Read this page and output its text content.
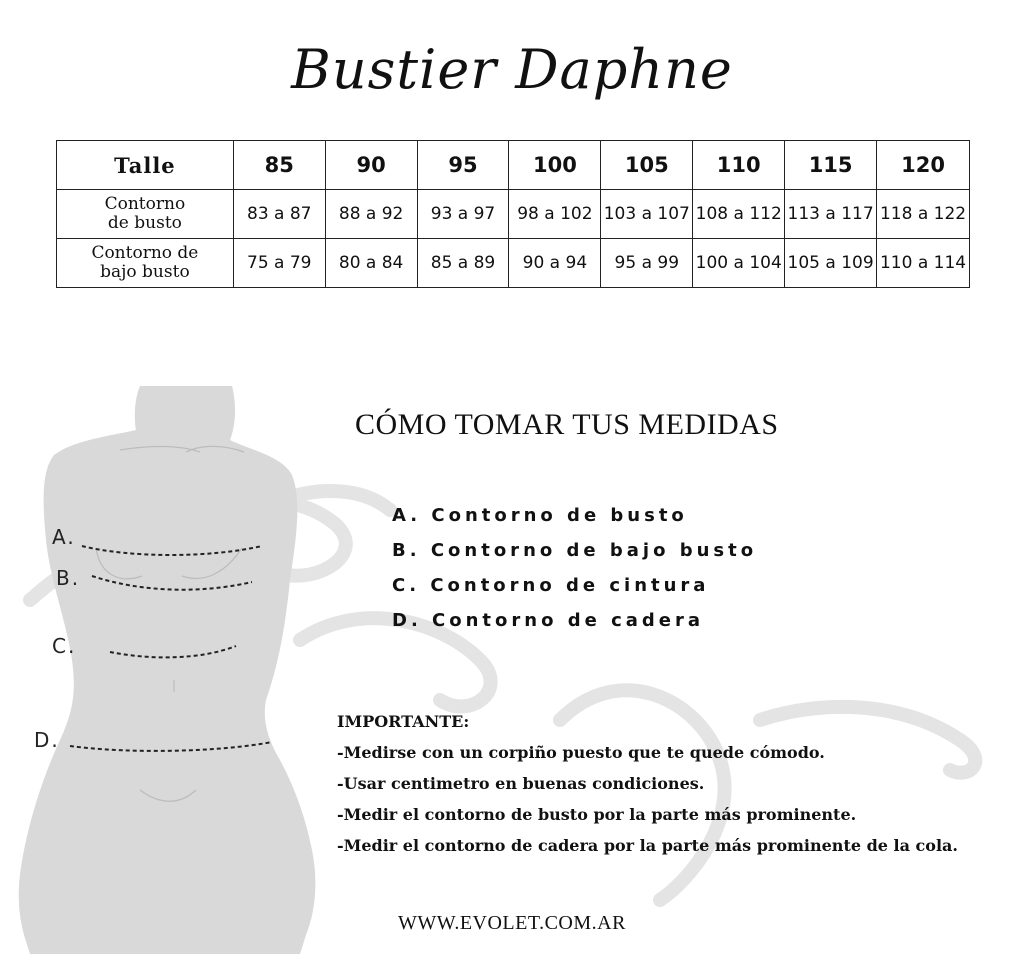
Bustier Daphne
Talle	85	90	95	100	105	110	115	120

Contorno
de busto	83 a 87	88 a 92	93 a 97	98 a 102	103 a 107	108 a 112	113 a 117	118 a 122

Contorno de
bajo busto	75 a 79	80 a 84	85 a 89	90 a 94	95 a 99	100 a 104	105 a 109	110 a 114
A.
B.
C.
D.
CÓMO TOMAR TUS MEDIDAS
A. Contorno de busto
B. Contorno de bajo busto
C. Contorno de cintura
D. Contorno de cadera
IMPORTANTE:
-Medirse con un corpiño puesto que te quede cómodo.
-Usar centimetro en buenas condiciones.
-Medir el contorno de busto por la parte más prominente.
-Medir el contorno de cadera por la parte más prominente de la cola.
WWW.EVOLET.COM.AR
